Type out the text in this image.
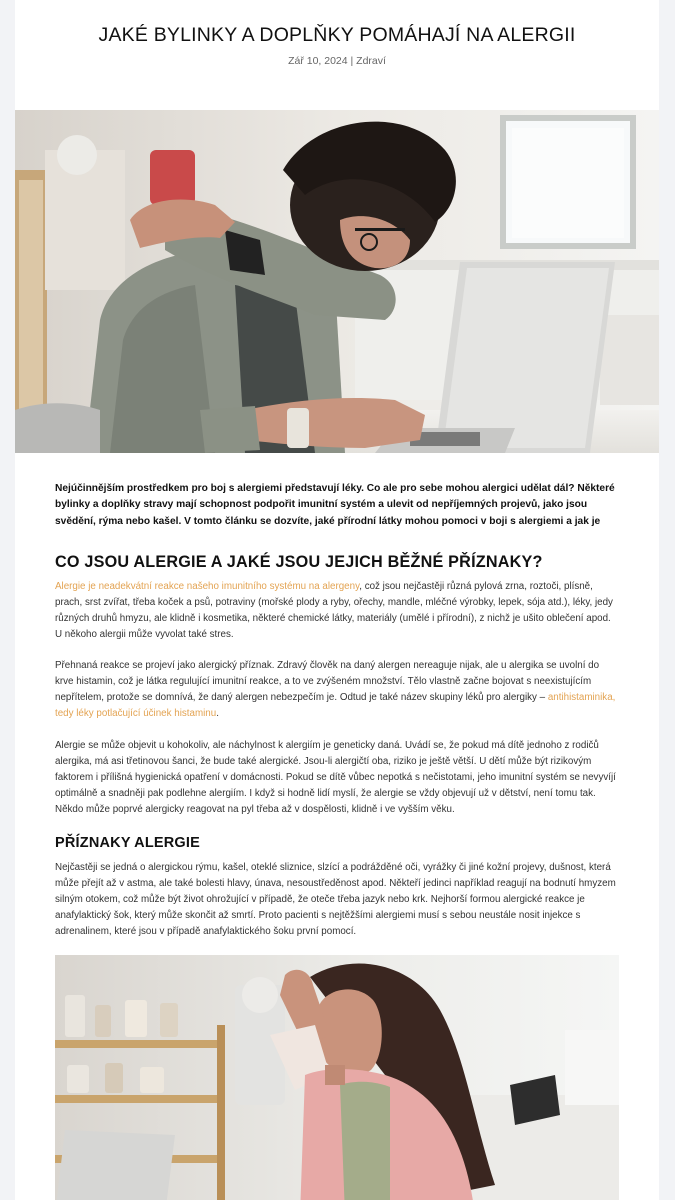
JAKÉ BYLINKY A DOPLŇKY POMÁHAJÍ NA ALERGII
Zář 10, 2024 | Zdraví

Nejúčinnějším prostředkem pro boj s alergiemi představují léky. Co ale pro sebe mohou alergici udělat dál? Některé bylinky a doplňky stravy mají schopnost podpořit imunitní systém a ulevit od nepříjemných projevů, jako jsou svědění, rýma nebo kašel. V tomto článku se dozvíte, jaké přírodní látky mohou pomoci v boji s alergiemi a jak je

CO JSOU ALERGIE A JAKÉ JSOU JEJICH BĚŽNÉ PŘÍZNAKY?

Alergie je neadekvátní reakce našeho imunitního systému na alergeny, což jsou nejčastěji různá pylová zrna, roztoči, plísně, prach, srst zvířat, třeba koček a psů, potraviny (mořské plody a ryby, ořechy, mandle, mléčné výrobky, lepek, sója atd.), léky, jedy různých druhů hmyzu, ale klidně i kosmetika, některé chemické látky, materiály (umělé i přírodní), z nichž je ušito oblečení apod. U někoho alergii může vyvolat také stres.

Přehnaná reakce se projeví jako alergický příznak. Zdravý člověk na daný alergen nereaguje nijak, ale u alergika se uvolní do krve histamin, což je látka regulující imunitní reakce, a to ve zvýšeném množství. Tělo vlastně začne bojovat s neexistujícím nepřítelem, protože se domnívá, že daný alergen nebezpečím je. Odtud je také název skupiny léků pro alergiky – antihistaminika, tedy léky potlačující účinek histaminu.

Alergie se může objevit u kohokoliv, ale náchylnost k alergiím je geneticky daná. Uvádí se, že pokud má dítě jednoho z rodičů alergika, má asi třetinovou šanci, že bude také alergické. Jsou-li alergičtí oba, riziko je ještě větší. U dětí může být rizikovým faktorem i přílišná hygienická opatření v domácnosti. Pokud se dítě vůbec nepotká s nečistotami, jeho imunitní systém se nevyvíjí optimálně a snadněji pak podlehne alergiím. I když si hodně lidí myslí, že alergie se vždy objevují už v dětství, není tomu tak. Někdo může poprvé alergicky reagovat na pyl třeba až v dospělosti, klidně i ve vyšším věku.

PŘÍZNAKY ALERGIE

Nejčastěji se jedná o alergickou rýmu, kašel, oteklé sliznice, slzící a podrážděné oči, vyrážky či jiné kožní projevy, dušnost, která může přejít až v astma, ale také bolesti hlavy, únava, nesoustředěnost apod. Někteří jedinci například reagují na bodnutí hmyzem silným otokem, což může být život ohrožující v případě, že oteče třeba jazyk nebo krk. Nejhorší formou alergické reakce je anafylaktický šok, který může skončit až smrtí. Proto pacienti s nejtěžšími alergiemi musí s sebou neustále nosit injekce s adrenalinem, které jsou v případě anafylaktického šoku první pomocí.
